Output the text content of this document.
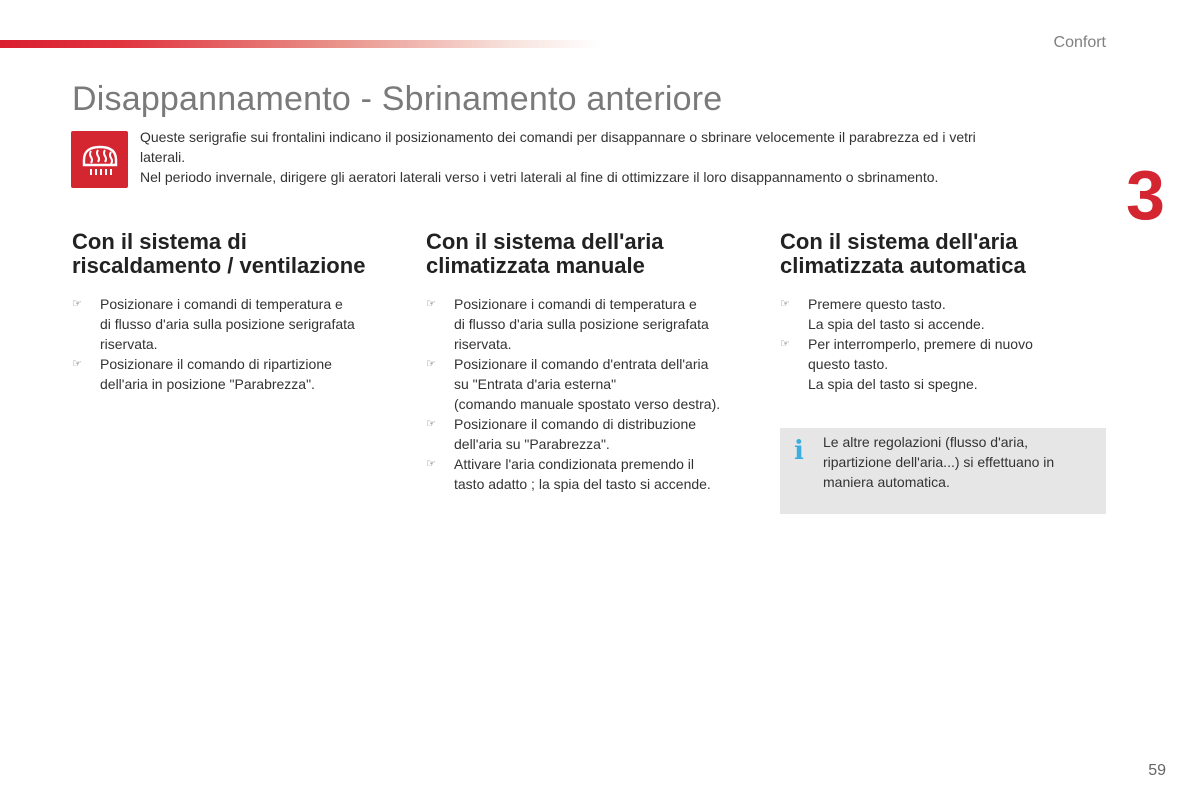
Confort
3
Disappannamento - Sbrinamento anteriore

Queste serigrafie sui frontalini indicano il posizionamento dei comandi per disappannare o sbrinare velocemente il parabrezza ed i vetri

laterali.

Nel periodo invernale, dirigere gli aeratori laterali verso i vetri laterali al fine di ottimizzare il loro disappannamento o sbrinamento.

Con il sistema di
riscaldamento / ventilazione
☞ Posizionare i comandi di temperatura e
di flusso d'aria sulla posizione serigrafata
riservata.
☞ Posizionare il comando di ripartizione
dell'aria in posizione "Parabrezza".
Con il sistema dell'aria
climatizzata manuale
☞ Posizionare i comandi di temperatura e
di flusso d'aria sulla posizione serigrafata
riservata.
☞ Posizionare il comando d'entrata dell'aria
su "Entrata d'aria esterna"
(comando manuale spostato verso destra).
☞ Posizionare il comando di distribuzione
dell'aria su "Parabrezza".
☞ Attivare l'aria condizionata premendo il
tasto adatto ; la spia del tasto si accende.
Con il sistema dell'aria
climatizzata automatica
☞ Premere questo tasto.
La spia del tasto si accende.
☞ Per interromperlo, premere di nuovo
questo tasto.
La spia del tasto si spegne.
i Le altre regolazioni (flusso d'aria,
ripartizione dell'aria...) si effettuano in
maniera automatica.
59
